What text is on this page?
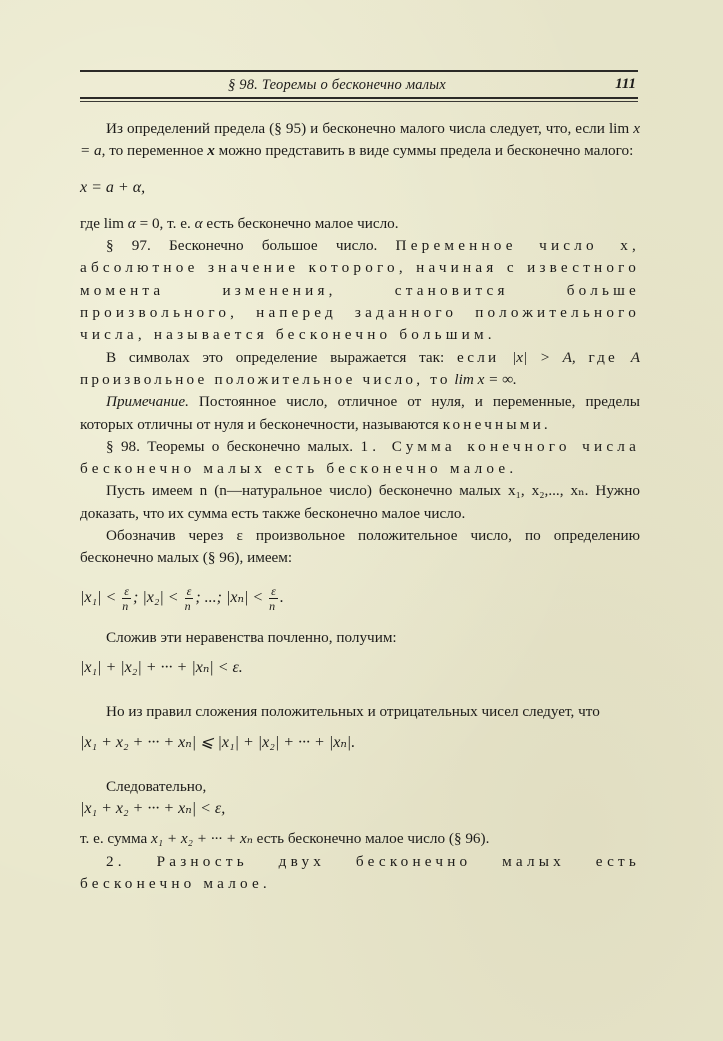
§ 98. Теоремы о бесконечно малых	111

Из определений предела (§ 95) и бесконечно малого числа следует, что, если lim x = a, то переменное x можно представить в виде суммы предела и бесконечно малого:

x = a + α,

где lim α = 0, т. е. α есть бесконечно малое число.

§ 97. Бесконечно большое число. Переменное число x, абсолютное значение которого, начиная с известного момента изменения, становится больше произвольного, наперед заданного положительного числа, называется бесконечно большим.

В символах это определение выражается так: если |x| > A, где A произвольное положительное число, то lim x = ∞.

Примечание. Постоянное число, отличное от нуля, и переменные, пределы которых отличны от нуля и бесконечности, называются конечными.

§ 98. Теоремы о бесконечно малых. 1. Сумма конечного числа бесконечно малых есть бесконечно малое.

Пусть имеем n (n—натуральное число) бесконечно малых x₁, x₂,..., xₙ. Нужно доказать, что их сумма есть также бесконечно малое число.

Обозначив через ε произвольное положительное число, по определению бесконечно малых (§ 96), имеем:

$|x_1| < \frac{\varepsilon}{n}$ ; $|x_2| < \frac{\varepsilon}{n}$ ; ...; $|x_n| < \frac{\varepsilon}{n}$ .

Сложив эти неравенства почленно, получим:

|x₁| + |x₂| + ··· + |xₙ| < ε.

Но из правил сложения положительных и отрицательных чисел следует, что

|x₁ + x₂ + ··· + xₙ| ⩽ |x₁| + |x₂| + ··· + |xₙ|.

Следовательно,

|x₁ + x₂ + ··· + xₙ| < ε,

т. е. сумма x₁ + x₂ + ··· + xₙ есть бесконечно малое число (§ 96).

2. Разность двух бесконечно малых есть бесконечно малое.
